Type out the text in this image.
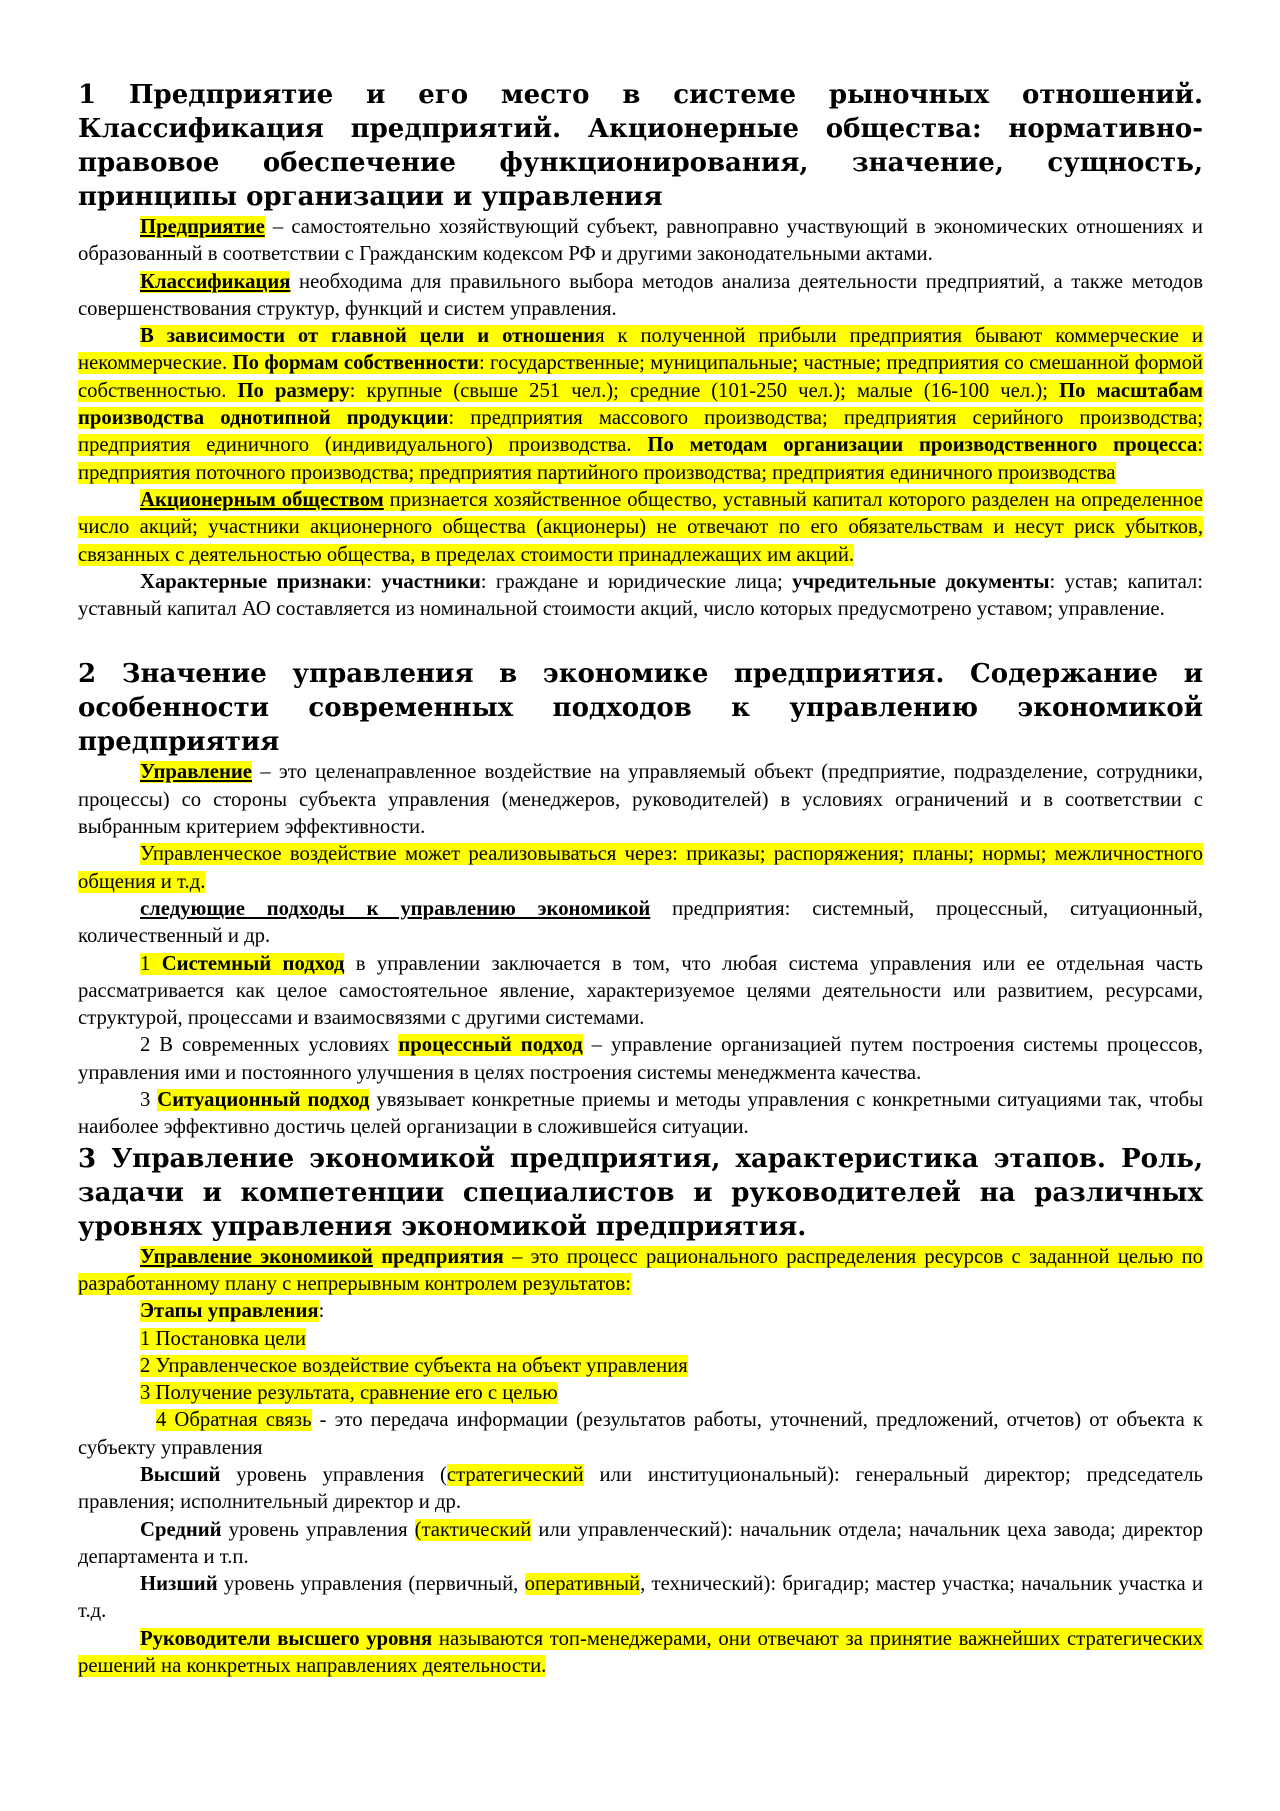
1 Предприятие и его место в системе рыночных отношений. Классификация предприятий. Акционерные общества: нормативно-правовое обеспечение функционирования, значение, сущность, принципы организации и управления

Предприятие – самостоятельно хозяйствующий субъект, равноправно участвующий в экономических отношениях и образованный в соответствии с Гражданским кодексом РФ и другими законодательными актами.

Классификация необходима для правильного выбора методов анализа деятельности предприятий, а также методов совершенствования структур, функций и систем управления.

В зависимости от главной цели и отношения к полученной прибыли предприятия бывают коммерческие и некоммерческие. По формам собственности: государственные; муниципальные; частные; предприятия со смешанной формой собственностью. По размеру: крупные (свыше 251 чел.); средние (101-250 чел.); малые (16-100 чел.); По масштабам производства однотипной продукции: предприятия массового производства; предприятия серийного производства; предприятия единичного (индивидуального) производства. По методам организации производственного процесса: предприятия поточного производства; предприятия партийного производства; предприятия единичного производства

Акционерным обществом признается хозяйственное общество, уставный капитал которого разделен на определенное число акций; участники акционерного общества (акционеры) не отвечают по его обязательствам и несут риск убытков, связанных с деятельностью общества, в пределах стоимости принадлежащих им акций.

Характерные признаки: участники: граждане и юридические лица; учредительные документы: устав; капитал: уставный капитал АО составляется из номинальной стоимости акций, число которых предусмотрено уставом; управление.

2 Значение управления в экономике предприятия. Содержание и особенности современных подходов к управлению экономикой предприятия

Управление – это целенаправленное воздействие на управляемый объект (предприятие, подразделение, сотрудники, процессы) со стороны субъекта управления (менеджеров, руководителей) в условиях ограничений и в соответствии с выбранным критерием эффективности.

Управленческое воздействие может реализовываться через: приказы; распоряжения; планы; нормы; межличностного общения и т.д.

следующие подходы к управлению экономикой предприятия: системный, процессный, ситуационный, количественный и др.

1 Системный подход в управлении заключается в том, что любая система управления или ее отдельная часть рассматривается как целое самостоятельное явление, характеризуемое целями деятельности или развитием, ресурсами, структурой, процессами и взаимосвязями с другими системами.

2 В современных условиях процессный подход – управление организацией путем построения системы процессов, управления ими и постоянного улучшения в целях построения системы менеджмента качества.

3 Ситуационный подход увязывает конкретные приемы и методы управления с конкретными ситуациями так, чтобы наиболее эффективно достичь целей организации в сложившейся ситуации.

3 Управление экономикой предприятия, характеристика этапов. Роль, задачи и компетенции специалистов и руководителей на различных уровнях управления экономикой предприятия.

Управление экономикой предприятия – это процесс рационального распределения ресурсов с заданной целью по разработанному плану с непрерывным контролем результатов:

Этапы управления:

1 Постановка цели

2 Управленческое воздействие субъекта на объект управления

3 Получение результата, сравнение его с целью

4 Обратная связь - это передача информации (результатов работы, уточнений, предложений, отчетов) от объекта к субъекту управления

Высший уровень управления (стратегический или институциональный): генеральный директор; председатель правления; исполнительный директор и др.

Средний уровень управления (тактический или управленческий): начальник отдела; начальник цеха завода; директор департамента и т.п.

Низший уровень управления (первичный, оперативный, технический): бригадир; мастер участка; начальник участка и т.д.

Руководители высшего уровня называются топ-менеджерами, они отвечают за принятие важнейших стратегических решений на конкретных направлениях деятельности.
